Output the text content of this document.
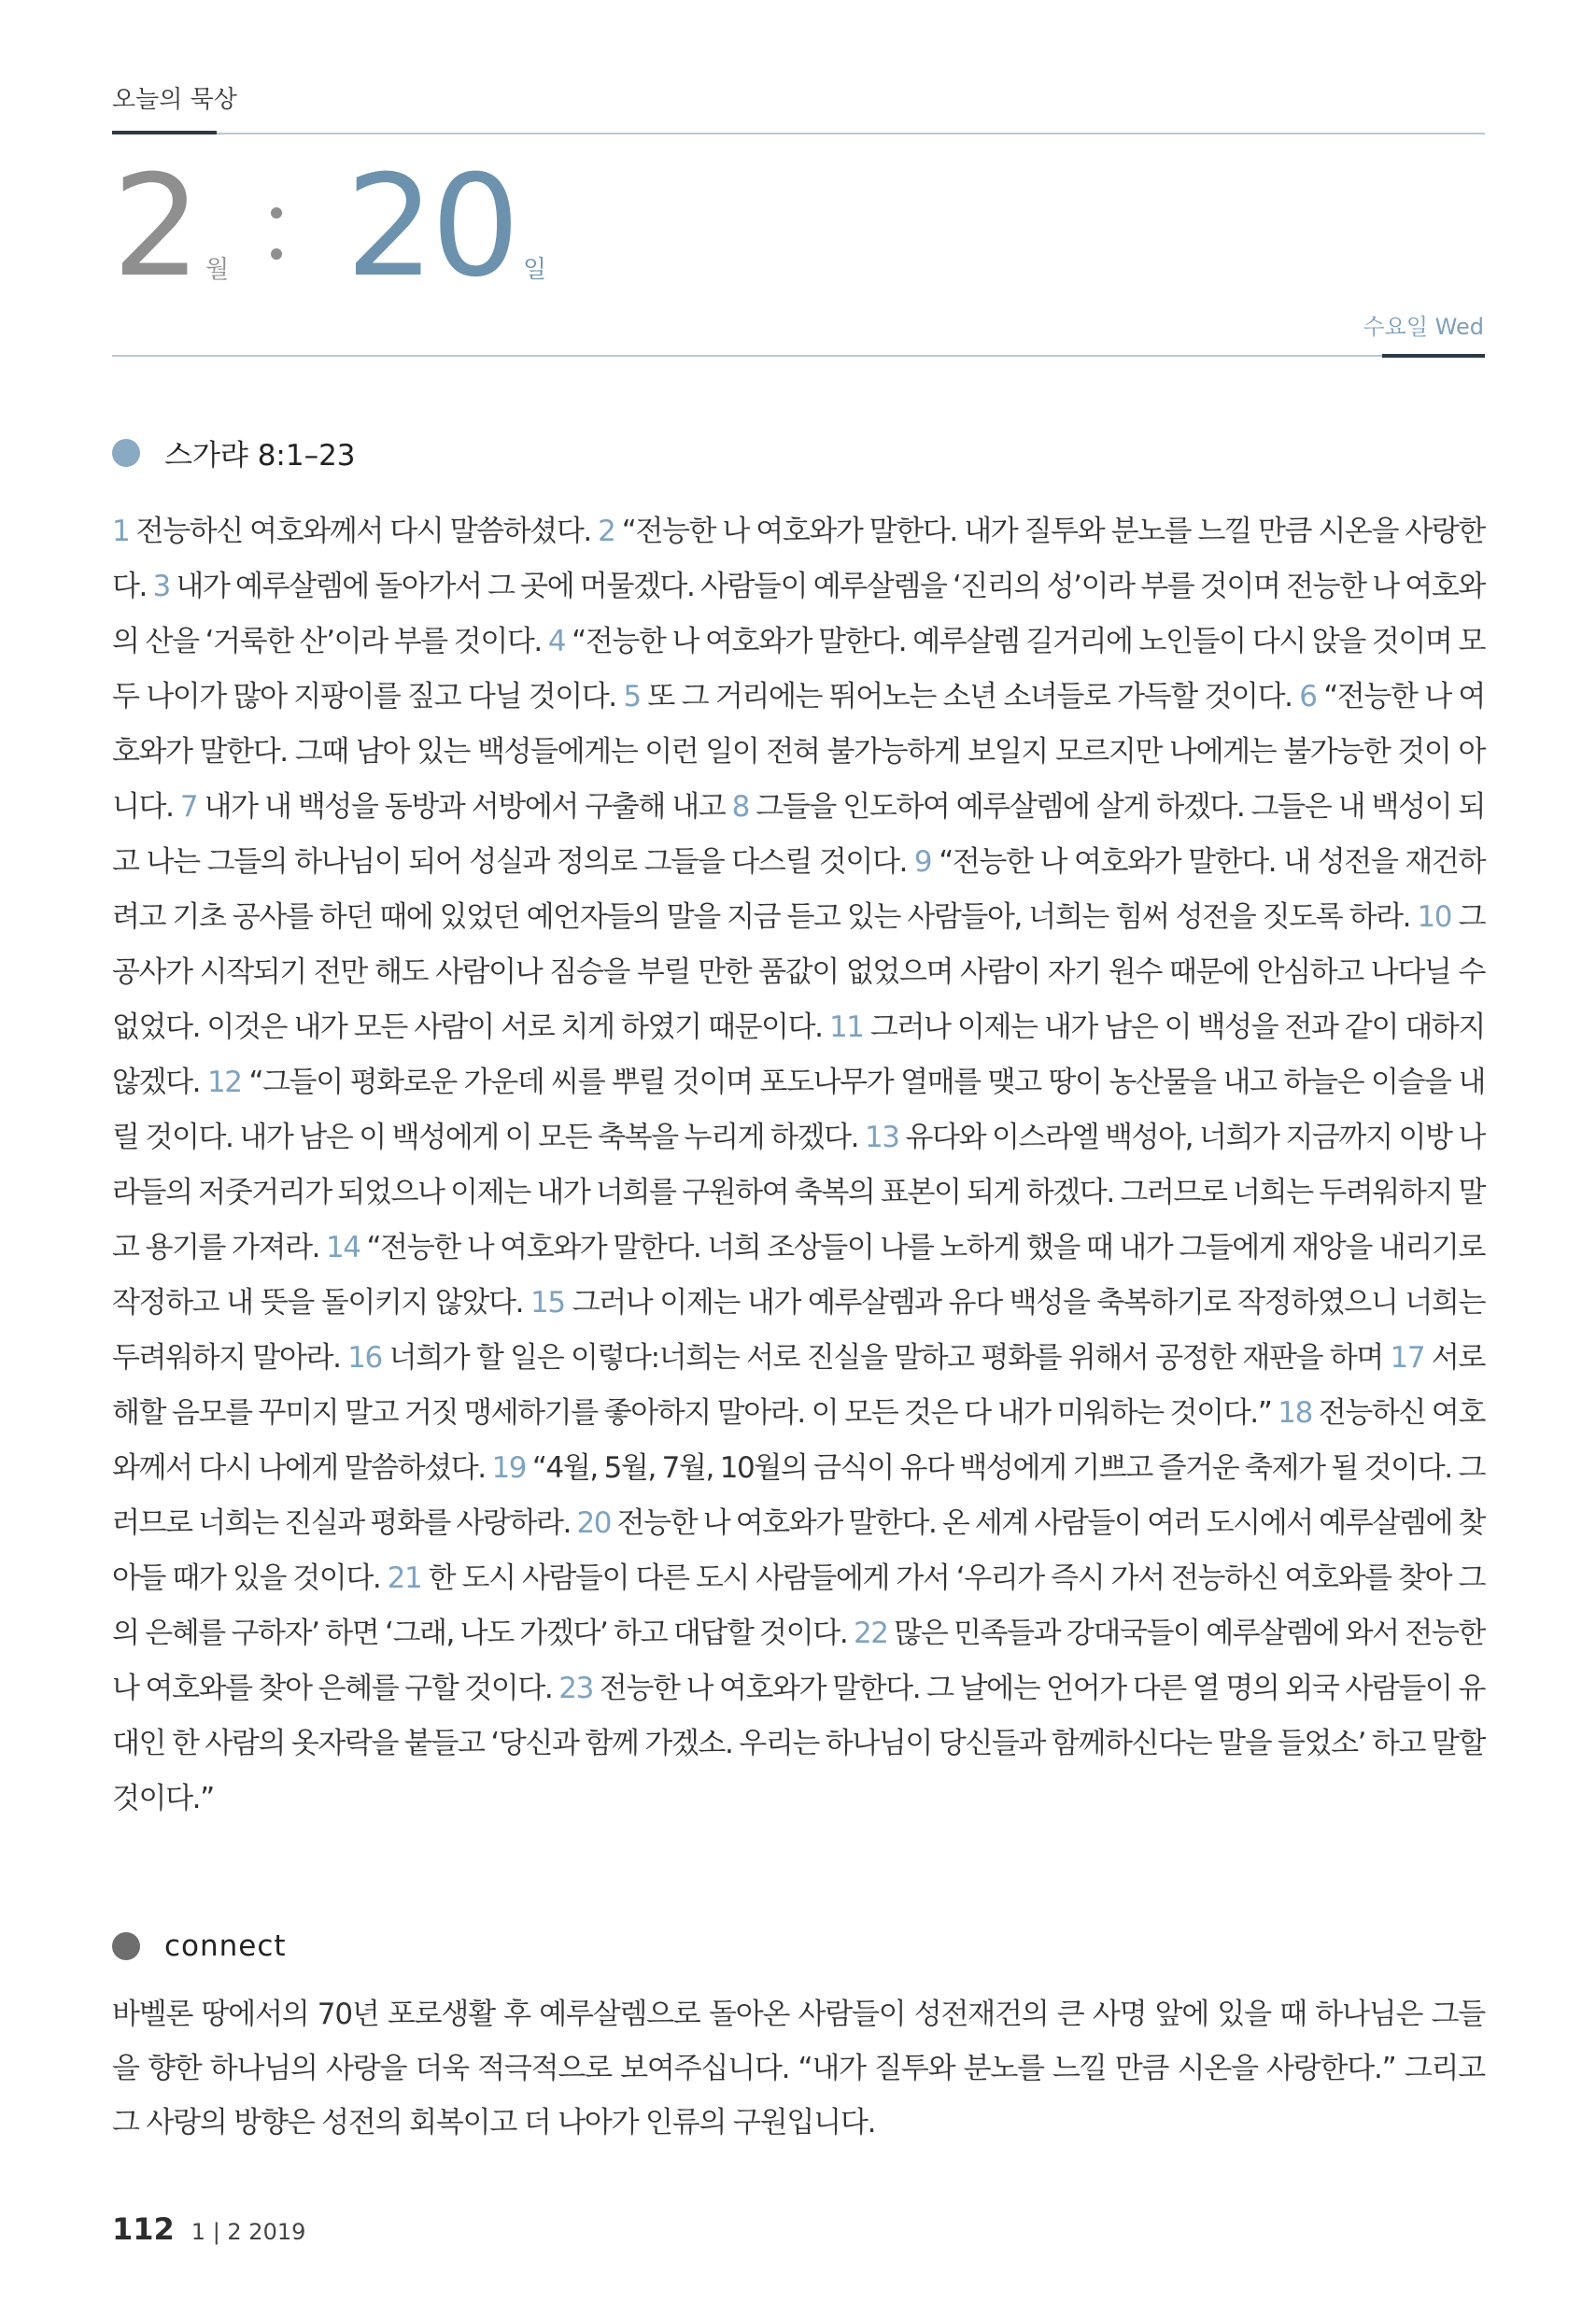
오늘의 묵상
2 월 20 일
수요일 Wed
스가랴 8:1–23
1 전능하신 여호와께서 다시 말씀하셨다. 2 “전능한 나 여호와가 말한다. 내가 질투와 분노를 느낄 만큼 시온을 사랑한다. 3 내가 예루살렘에 돌아가서 그 곳에 머물겠다. 사람들이 예루살렘을 ‘진리의 성’이라 부를 것이며 전능한 나 여호와의 산을 ‘거룩한 산’이라 부를 것이다. 4 “전능한 나 여호와가 말한다. 예루살렘 길거리에 노인들이 다시 앉을 것이며 모두 나이가 많아 지팡이를 짚고 다닐 것이다. 5 또 그 거리에는 뛰어노는 소년 소녀들로 가득할 것이다. 6 “전능한 나 여호와가 말한다. 그때 남아 있는 백성들에게는 이런 일이 전혀 불가능하게 보일지 모르지만 나에게는 불가능한 것이 아니다. 7 내가 내 백성을 동방과 서방에서 구출해 내고 8 그들을 인도하여 예루살렘에 살게 하겠다. 그들은 내 백성이 되고 나는 그들의 하나님이 되어 성실과 정의로 그들을 다스릴 것이다. 9 “전능한 나 여호와가 말한다. 내 성전을 재건하려고 기초 공사를 하던 때에 있었던 예언자들의 말을 지금 듣고 있는 사람들아, 너희는 힘써 성전을 짓도록 하라. 10 그 공사가 시작되기 전만 해도 사람이나 짐승을 부릴 만한 품값이 없었으며 사람이 자기 원수 때문에 안심하고 나다닐 수 없었다. 이것은 내가 모든 사람이 서로 치게 하였기 때문이다. 11 그러나 이제는 내가 남은 이 백성을 전과 같이 대하지 않겠다. 12 “그들이 평화로운 가운데 씨를 뿌릴 것이며 포도나무가 열매를 맺고 땅이 농산물을 내고 하늘은 이슬을 내릴 것이다. 내가 남은 이 백성에게 이 모든 축복을 누리게 하겠다. 13 유다와 이스라엘 백성아, 너희가 지금까지 이방 나라들의 저줏거리가 되었으나 이제는 내가 너희를 구원하여 축복의 표본이 되게 하겠다. 그러므로 너희는 두려워하지 말고 용기를 가져라. 14 “전능한 나 여호와가 말한다. 너희 조상들이 나를 노하게 했을 때 내가 그들에게 재앙을 내리기로 작정하고 내 뜻을 돌이키지 않았다. 15 그러나 이제는 내가 예루살렘과 유다 백성을 축복하기로 작정하였으니 너희는 두려워하지 말아라. 16 너희가 할 일은 이렇다:너희는 서로 진실을 말하고 평화를 위해서 공정한 재판을 하며 17 서로 해할 음모를 꾸미지 말고 거짓 맹세하기를 좋아하지 말아라. 이 모든 것은 다 내가 미워하는 것이다.” 18 전능하신 여호와께서 다시 나에게 말씀하셨다. 19 “4월, 5월, 7월, 10월의 금식이 유다 백성에게 기쁘고 즐거운 축제가 될 것이다. 그러므로 너희는 진실과 평화를 사랑하라. 20 전능한 나 여호와가 말한다. 온 세계 사람들이 여러 도시에서 예루살렘에 찾아들 때가 있을 것이다. 21 한 도시 사람들이 다른 도시 사람들에게 가서 ‘우리가 즉시 가서 전능하신 여호와를 찾아 그의 은혜를 구하자’ 하면 ‘그래, 나도 가겠다’ 하고 대답할 것이다. 22 많은 민족들과 강대국들이 예루살렘에 와서 전능한 나 여호와를 찾아 은혜를 구할 것이다. 23 전능한 나 여호와가 말한다. 그 날에는 언어가 다른 열 명의 외국 사람들이 유대인 한 사람의 옷자락을 붙들고 ‘당신과 함께 가겠소. 우리는 하나님이 당신들과 함께하신다는 말을 들었소’ 하고 말할 것이다.”
connect
바벨론 땅에서의 70년 포로생활 후 예루살렘으로 돌아온 사람들이 성전재건의 큰 사명 앞에 있을 때 하나님은 그들을 향한 하나님의 사랑을 더욱 적극적으로 보여주십니다. “내가 질투와 분노를 느낄 만큼 시온을 사랑한다.” 그리고 그 사랑의 방향은 성전의 회복이고 더 나아가 인류의 구원입니다.
112 1 | 2 2019
